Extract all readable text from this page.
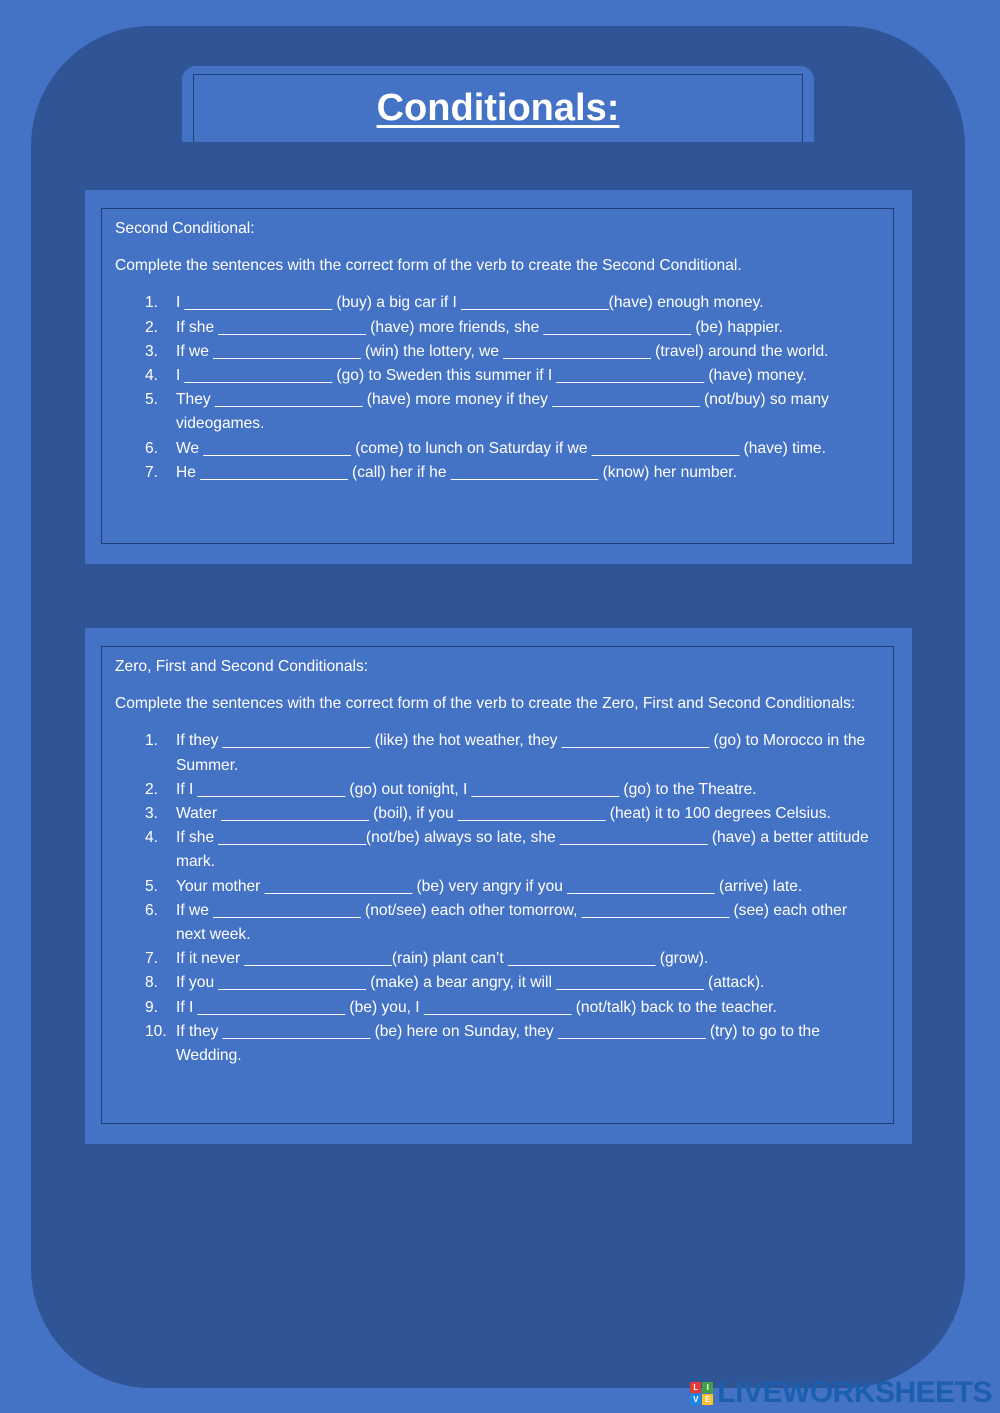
Conditionals:

Second Conditional:

Complete the sentences with the correct form of the verb to create the Second Conditional.

1. I _________________ (buy) a big car if I _________________(have) enough money.
2. If she _________________ (have) more friends, she _________________ (be) happier.
3. If we _________________ (win) the lottery, we _________________ (travel) around the world.
4. I _________________ (go) to Sweden this summer if I _________________ (have) money.
5. They _________________ (have) more money if they _________________ (not/buy) so many videogames.
6. We _________________ (come) to lunch on Saturday if we _________________ (have) time.
7. He _________________ (call) her if he _________________ (know) her number.

Zero, First and Second Conditionals:

Complete the sentences with the correct form of the verb to create the Zero, First and Second Conditionals:

1. If they _________________ (like) the hot weather, they _________________ (go) to Morocco in the Summer.
2. If I _________________ (go) out tonight, I _________________ (go) to the Theatre.
3. Water _________________ (boil), if you _________________ (heat) it to 100 degrees Celsius.
4. If she _________________(not/be) always so late, she _________________ (have) a better attitude mark.
5. Your mother _________________ (be) very angry if you _________________ (arrive) late.
6. If we _________________ (not/see) each other tomorrow, _________________ (see) each other next week.
7. If it never _________________(rain) plant can’t _________________ (grow).
8. If you _________________ (make) a bear angry, it will _________________ (attack).
9. If I _________________ (be) you, I _________________ (not/talk) back to the teacher.
10. If they _________________ (be) here on Sunday, they _________________ (try) to go to the Wedding.
L	I
V E LIVEWORKSHEETS
